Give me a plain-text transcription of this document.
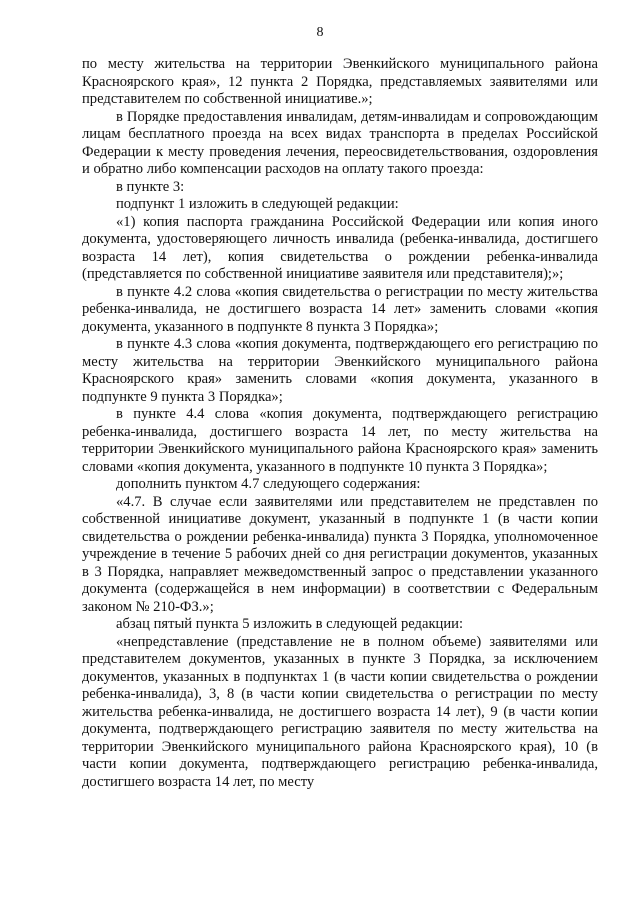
8

по месту жительства на территории Эвенкийского муниципального района Красноярского края», 12 пункта 2 Порядка, представляемых заявителями или представителем по собственной инициативе.»;

в Порядке предоставления инвалидам, детям-инвалидам и сопровождающим лицам бесплатного проезда на всех видах транспорта в пределах Российской Федерации к месту проведения лечения, переосвидетельствования, оздоровления и обратно либо компенсации расходов на оплату такого проезда:

в пункте 3:

подпункт 1 изложить в следующей редакции:

«1) копия паспорта гражданина Российской Федерации или копия иного документа, удостоверяющего личность инвалида (ребенка-инвалида, достигшего возраста 14 лет), копия свидетельства о рождении ребенка-инвалида (представляется по собственной инициативе заявителя или представителя);»;

в пункте 4.2 слова «копия свидетельства о регистрации по месту жительства ребенка-инвалида, не достигшего возраста 14 лет» заменить словами «копия документа, указанного в подпункте 8 пункта 3 Порядка»;

в пункте 4.3 слова «копия документа, подтверждающего его регистрацию по месту жительства на территории Эвенкийского муниципального района Красноярского края» заменить словами «копия документа, указанного в подпункте 9 пункта 3 Порядка»;

в пункте 4.4 слова «копия документа, подтверждающего регистрацию ребенка-инвалида, достигшего возраста 14 лет, по месту жительства на территории Эвенкийского муниципального района Красноярского края» заменить словами «копия документа, указанного в подпункте 10 пункта 3 Порядка»;

дополнить пунктом 4.7 следующего содержания:

«4.7. В случае если заявителями или представителем не представлен по собственной инициативе документ, указанный в подпункте 1 (в части копии свидетельства о рождении ребенка-инвалида) пункта 3 Порядка, уполномоченное учреждение в течение 5 рабочих дней со дня регистрации документов, указанных в 3 Порядка, направляет межведомственный запрос о представлении указанного документа (содержащейся в нем информации) в соответствии с Федеральным законом № 210-ФЗ.»;

абзац пятый пункта 5 изложить в следующей редакции:

«непредставление (представление не в полном объеме) заявителями или представителем документов, указанных в пункте 3 Порядка, за исключением документов, указанных в подпунктах 1 (в части копии свидетельства о рождении ребенка-инвалида), 3, 8 (в части копии свидетельства о регистрации по месту жительства ребенка-инвалида, не достигшего возраста 14 лет), 9 (в части копии документа, подтверждающего регистрацию заявителя по месту жительства на территории Эвенкийского муниципального района Красноярского края), 10 (в части копии документа, подтверждающего регистрацию ребенка-инвалида, достигшего возраста 14 лет, по месту
